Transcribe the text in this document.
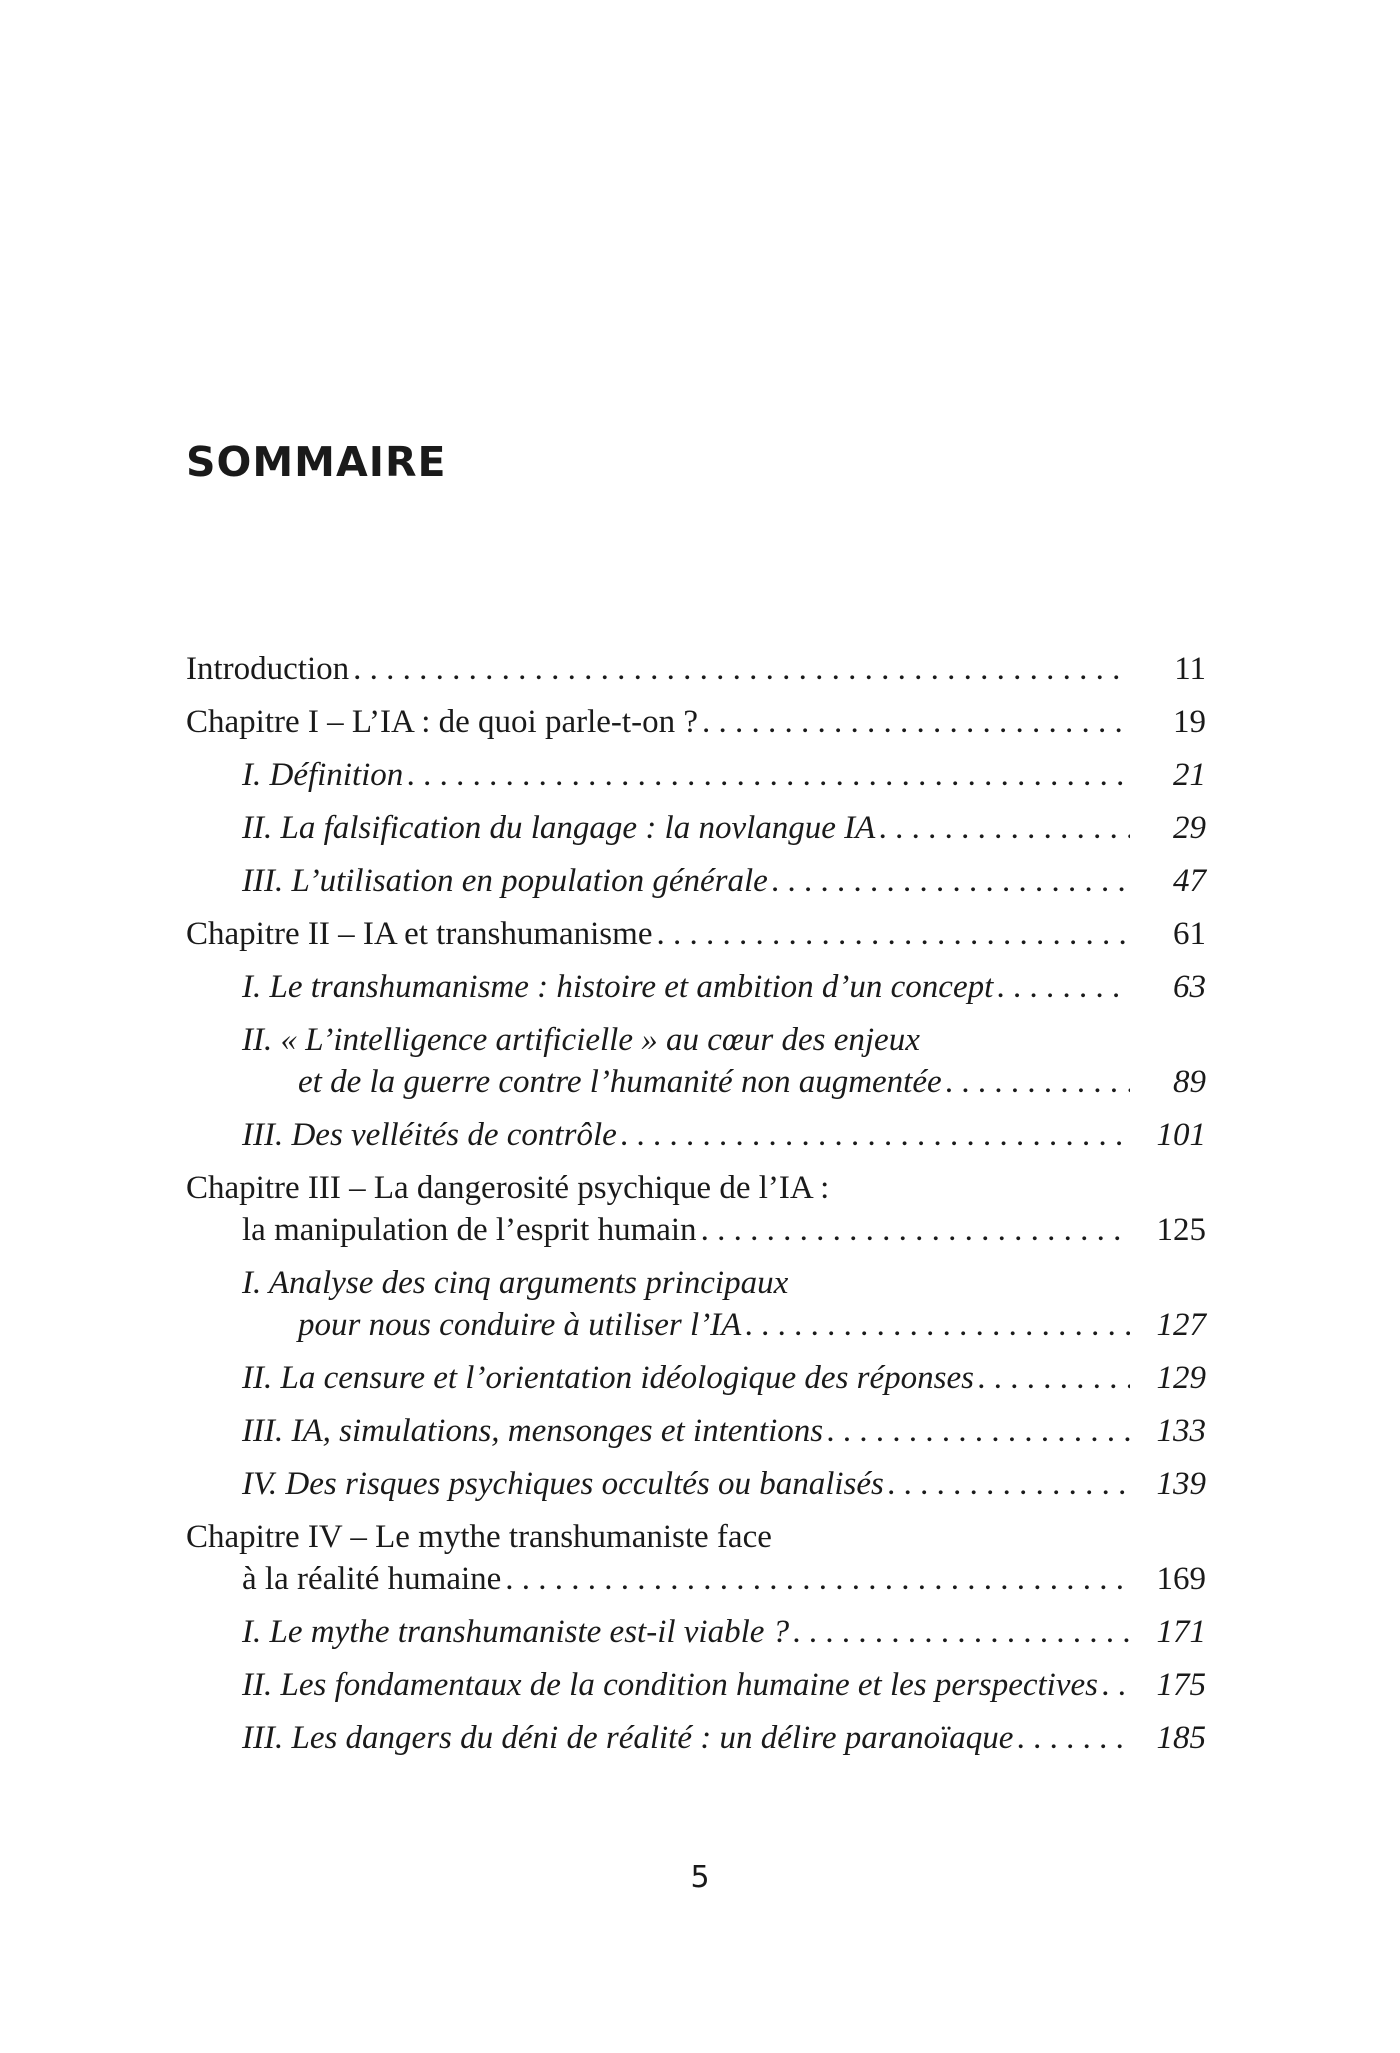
SOMMAIRE
Introduction . . .	11
Chapitre I – L’IA : de quoi parle-t-on ? . . .	19
I. Définition . . .	21
II. La falsification du langage : la novlangue IA . . .	29
III. L’utilisation en population générale . . .	47
Chapitre II – IA et transhumanisme . . .	61
I. Le transhumanisme : histoire et ambition d’un concept . . .	63
II. « L’intelligence artificielle » au cœur des enjeux
et de la guerre contre l’humanité non augmentée . . .	89
III. Des velléités de contrôle . . .	101
Chapitre III – La dangerosité psychique de l’IA :
la manipulation de l’esprit humain . . .	125
I. Analyse des cinq arguments principaux
pour nous conduire à utiliser l’IA . . .	127
II. La censure et l’orientation idéologique des réponses . . .	129
III. IA, simulations, mensonges et intentions . . .	133
IV. Des risques psychiques occultés ou banalisés . . .	139
Chapitre IV – Le mythe transhumaniste face
à la réalité humaine . . .	169
I. Le mythe transhumaniste est-il viable ? . . .	171
II. Les fondamentaux de la condition humaine et les perspectives . . .	175
III. Les dangers du déni de réalité : un délire paranoïaque . . .	185
5
